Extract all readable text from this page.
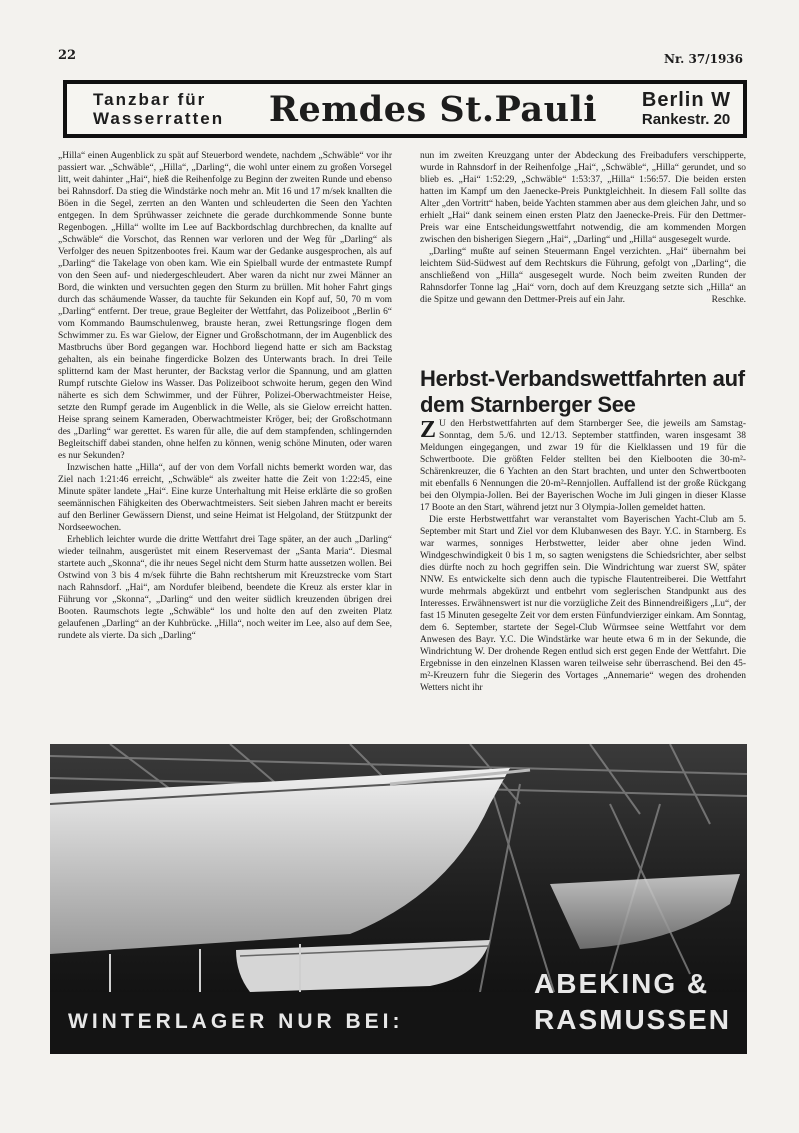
22	Nr. 37/1936
Tanzbar für
Wasserratten Remdes St.Pauli Berlin W
Rankestr. 20

„Hilla“ einen Augenblick zu spät auf Steuerbord wendete, nachdem „Schwäble“ vor ihr passiert war. „Schwäble“, „Hilla“, „Darling“, die wohl unter einem zu großen Vorsegel litt, weit dahinter „Hai“, hieß die Reihenfolge zu Beginn der zweiten Runde und ebenso bei Rahnsdorf. Da stieg die Windstärke noch mehr an. Mit 16 und 17 m/sek knallten die Böen in die Segel, zerrten an den Wanten und schleuderten die Seen den Yachten entgegen. In dem Sprühwasser zeichnete die gerade durchkommende Sonne bunte Regenbogen. „Hilla“ wollte im Lee auf Backbordschlag durchbrechen, da knallte auf „Schwäble“ die Vorschot, das Rennen war verloren und der Weg für „Darling“ als Verfolger des neuen Spitzenbootes frei. Kaum war der Gedanke ausgesprochen, als auf „Darling“ die Takelage von oben kam. Wie ein Spielball wurde der entmastete Rumpf von den Seen auf- und niedergeschleudert. Aber waren da nicht nur zwei Männer an Bord, die winkten und versuchten gegen den Sturm zu brüllen. Mit hoher Fahrt gings durch das schäumende Wasser, da tauchte für Sekunden ein Kopf auf, 50, 70 m vom „Darling“ entfernt. Der treue, graue Begleiter der Wettfahrt, das Polizeiboot „Berlin 6“ vom Kommando Baumschulenweg, brauste heran, zwei Rettungsringe flogen dem Schwimmer zu. Es war Gielow, der Eigner und Großschotmann, der im Augenblick des Mastbruchs über Bord gegangen war. Hochbord liegend hatte er sich am Backstag gehalten, als ein beinahe fingerdicke Bolzen des Unterwants brach. In drei Teile splitternd kam der Mast herunter, der Backstag verlor die Spannung, und am glatten Rumpf rutschte Gielow ins Wasser. Das Polizeiboot schwoite herum, gegen den Wind näherte es sich dem Schwimmer, und der Führer, Polizei-Oberwachtmeister Heise, setzte den Rumpf gerade im Augenblick in die Welle, als sie Gielow erreicht hatten. Heise sprang seinem Kameraden, Oberwachtmeister Kröger, bei; der Großschotmann des „Darling“ war gerettet. Es waren für alle, die auf dem stampfenden, schlingernden Begleitschiff dabei standen, ohne helfen zu können, wenig schöne Minuten, oder waren es nur Sekunden?

Inzwischen hatte „Hilla“, auf der von dem Vorfall nichts bemerkt worden war, das Ziel nach 1:21:46 erreicht, „Schwäble“ als zweiter hatte die Zeit von 1:22:45, eine Minute später landete „Hai“. Eine kurze Unterhaltung mit Heise erklärte die so großen seemännischen Fähigkeiten des Oberwachtmeisters. Seit sieben Jahren macht er bereits auf den Berliner Gewässern Dienst, und seine Heimat ist Helgoland, der Stützpunkt der Nordseewochen.

Erheblich leichter wurde die dritte Wettfahrt drei Tage später, an der auch „Darling“ wieder teilnahm, ausgerüstet mit einem Reservemast der „Santa Maria“. Diesmal startete auch „Skonna“, die ihr neues Segel nicht dem Sturm hatte aussetzen wollen. Bei Ostwind von 3 bis 4 m/sek führte die Bahn rechtsherum mit Kreuzstrecke vom Start nach Rahnsdorf. „Hai“, am Nordufer bleibend, beendete die Kreuz als erster klar in Führung vor „Skonna“, „Darling“ und den weiter südlich kreuzenden übrigen drei Booten. Raumschots legte „Schwäble“ los und holte den auf den zweiten Platz gelaufenen „Darling“ an der Kuhbrücke. „Hilla“, noch weiter im Lee, also auf dem See, rundete als vierte. Da sich „Darling“

nun im zweiten Kreuzgang unter der Abdeckung des Freibadufers verschipperte, wurde in Rahnsdorf in der Reihenfolge „Hai“, „Schwäble“, „Hilla“ gerundet, und so blieb es. „Hai“ 1:52:29, „Schwäble“ 1:53:37, „Hilla“ 1:56:57. Die beiden ersten hatten im Kampf um den Jaenecke-Preis Punktgleichheit. In diesem Fall sollte das Alter „den Vortritt“ haben, beide Yachten stammen aber aus dem gleichen Jahr, und so erhielt „Hai“ dank seinem einen ersten Platz den Jaenecke-Preis. Für den Dettmer-Preis war eine Entscheidungswettfahrt notwendig, die am kommenden Morgen zwischen den bisherigen Siegern „Hai“, „Darling“ und „Hilla“ ausgesegelt wurde.

„Darling“ mußte auf seinen Steuermann Engel verzichten. „Hai“ übernahm bei leichtem Süd-Südwest auf dem Rechtskurs die Führung, gefolgt von „Darling“, die anschließend von „Hilla“ ausgesegelt wurde. Noch beim zweiten Runden der Rahnsdorfer Tonne lag „Hai“ vorn, doch auf dem Kreuzgang setzte sich „Hilla“ an die Spitze und gewann den Dettmer-Preis auf ein Jahr.	Reschke.

Herbst-Verbandswettfahrten auf dem Starnberger See

Z U den Herbstwettfahrten auf dem Starnberger See, die jeweils am Samstag-Sonntag, dem 5./6. und 12./13. September stattfinden, waren insgesamt 38 Meldungen eingegangen, und zwar 19 für die Kielklassen und 19 für die Schwertboote. Die größten Felder stellten bei den Kielbooten die 30-m²-Schärenkreuzer, die 6 Yachten an den Start brachten, und unter den Schwertbooten mit ebenfalls 6 Nennungen die 20-m²-Rennjollen. Auffallend ist der große Rückgang bei den Olympia-Jollen. Bei der Bayerischen Woche im Juli gingen in dieser Klasse 17 Boote an den Start, während jetzt nur 3 Olympia-Jollen gemeldet hatten.

Die erste Herbstwettfahrt war veranstaltet vom Bayerischen Yacht-Club am 5. September mit Start und Ziel vor dem Klubanwesen des Bayr. Y.C. in Starnberg. Es war warmes, sonniges Herbstwetter, leider aber ohne jeden Wind. Windgeschwindigkeit 0 bis 1 m, so sagten wenigstens die Schiedsrichter, aber selbst dies dürfte noch zu hoch gegriffen sein. Die Windrichtung war zuerst SW, später NNW. Es entwickelte sich denn auch die typische Flautentreiberei. Die Wettfahrt wurde mehrmals abgekürzt und entbehrt vom seglerischen Standpunkt aus des Interesses. Erwähnenswert ist nur die vorzügliche Zeit des Binnendreißigers „Lu“, der fast 15 Minuten gesegelte Zeit vor dem ersten Fünfundvierziger einkam. Am Sonntag, dem 6. September, startete der Segel-Club Würmsee seine Wettfahrt vor dem Anwesen des Bayr. Y.C. Die Windstärke war heute etwa 6 m in der Sekunde, die Windrichtung W. Der drohende Regen entlud sich erst gegen Ende der Wettfahrt. Die Ergebnisse in den einzelnen Klassen waren teilweise sehr überraschend. Bei den 45-m²-Kreuzern fuhr die Siegerin des Vortages „Annemarie“ wegen des drohenden Wetters nicht ihr

ABEKING &
WINTERLAGER NUR BEI:	RASMUSSEN
